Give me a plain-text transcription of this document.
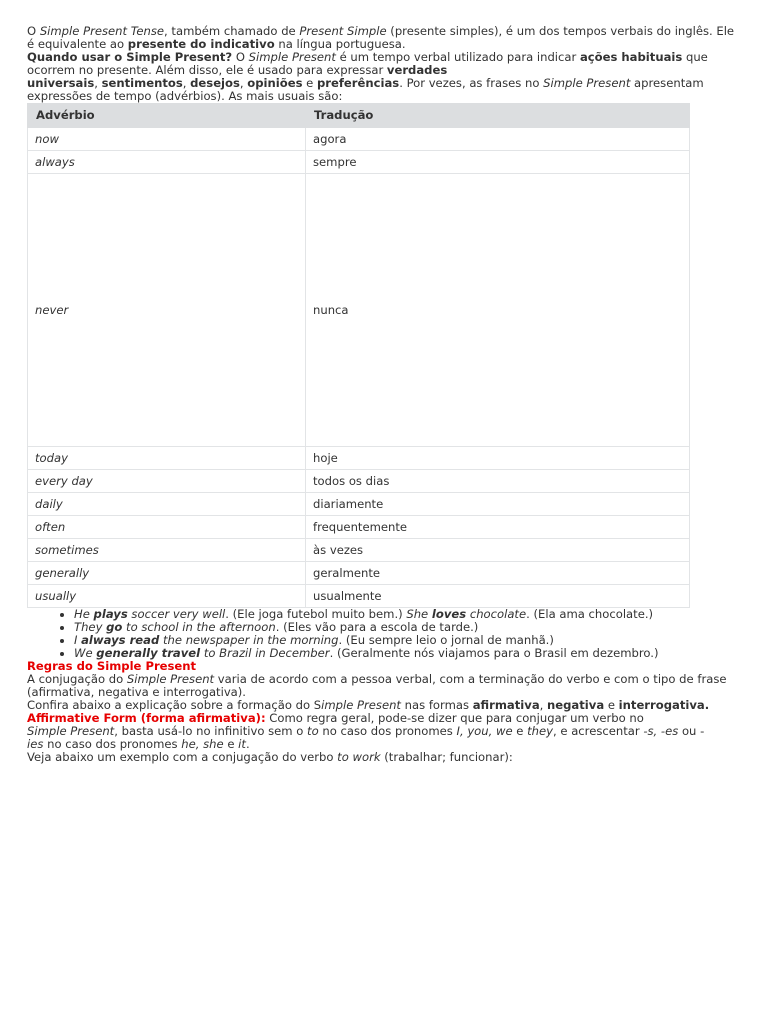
O Simple Present Tense, também chamado de Present Simple (presente simples), é um dos tempos verbais do inglês. Ele é equivalente ao presente do indicativo na língua portuguesa.

Quando usar o Simple Present? O Simple Present é um tempo verbal utilizado para indicar ações habituais que ocorrem no presente. Além disso, ele é usado para expressar verdades
universais, sentimentos, desejos, opiniões e preferências. Por vezes, as frases no Simple Present apresentam expressões de tempo (advérbios). As mais usuais são:

Advérbio	Tradução
now	agora
always	sempre
never	nunca
today	hoje
every day	todos os dias
daily	diariamente
often	frequentemente
sometimes	às vezes
generally	geralmente
usually	usualmente
• He plays soccer very well. (Ele joga futebol muito bem.) She loves chocolate. (Ela ama chocolate.)
• They go to school in the afternoon. (Eles vão para a escola de tarde.)
• I always read the newspaper in the morning. (Eu sempre leio o jornal de manhã.)
• We generally travel to Brazil in December. (Geralmente nós viajamos para o Brasil em dezembro.)

Regras do Simple Present

A conjugação do Simple Present varia de acordo com a pessoa verbal, com a terminação do verbo e com o tipo de frase (afirmativa, negativa e interrogativa).

Confira abaixo a explicação sobre a formação do Simple Present nas formas afirmativa, negativa e interrogativa.

Affirmative Form (forma afirmativa): Como regra geral, pode-se dizer que para conjugar um verbo no
Simple Present, basta usá-lo no infinitivo sem o to no caso dos pronomes I, you, we e they, e acrescentar -s, -es ou -
ies no caso dos pronomes he, she e it.

Veja abaixo um exemplo com a conjugação do verbo to work (trabalhar; funcionar):
